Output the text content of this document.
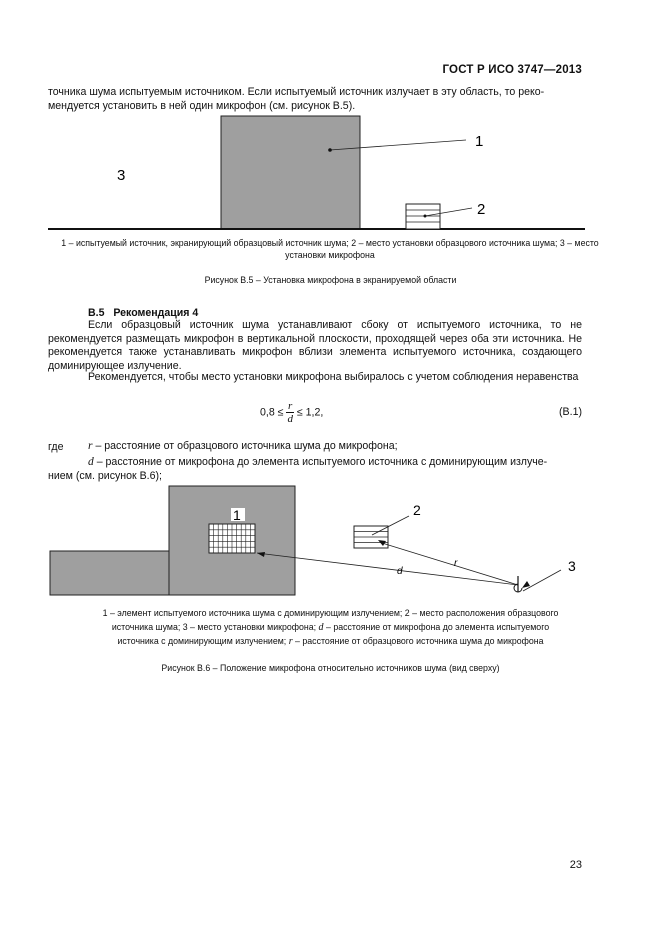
ГОСТ Р ИСО 3747—2013
точника шума испытуемым источником. Если испытуемый источник излучает в эту область, то реко-
мендуется установить в ней один микрофон (см. рисунок В.5).
1
2
3
1 – испытуемый источник, экранирующий образцовый источник шума; 2 – место установки образцового источника шума; 3 – место установки микрофона
Рисунок В.5 – Установка микрофона в экранируемой области
В.5 Рекомендация 4
Если образцовый источник шума устанавливают сбоку от испытуемого источника, то не рекомендуется размещать микрофон в вертикальной плоскости, проходящей через оба эти источника. Не рекомендуется также устанавливать микрофон вблизи элемента испытуемого источника, создающего доминирующее излучение.
Рекомендуется, чтобы место установки микрофона выбиралось с учетом соблюдения неравенства
$0,8 \le \frac{r}{d} \le 1,2$,	(В.1)
где r – расстояние от образцового источника шума до микрофона;
d – расстояние от микрофона до элемента испытуемого источника с доминирующим излуче-
нием (см. рисунок В.6);
1	2
3
d
r
1 – элемент испытуемого источника шума с доминирующим излучением; 2 – место расположения образцового
источника шума; 3 – место установки микрофона; d – расстояние от микрофона до элемента испытуемого
источника с доминирующим излучением; r – расстояние от образцового источника шума до микрофона
Рисунок В.6 – Положение микрофона относительно источников шума (вид сверху)
23
